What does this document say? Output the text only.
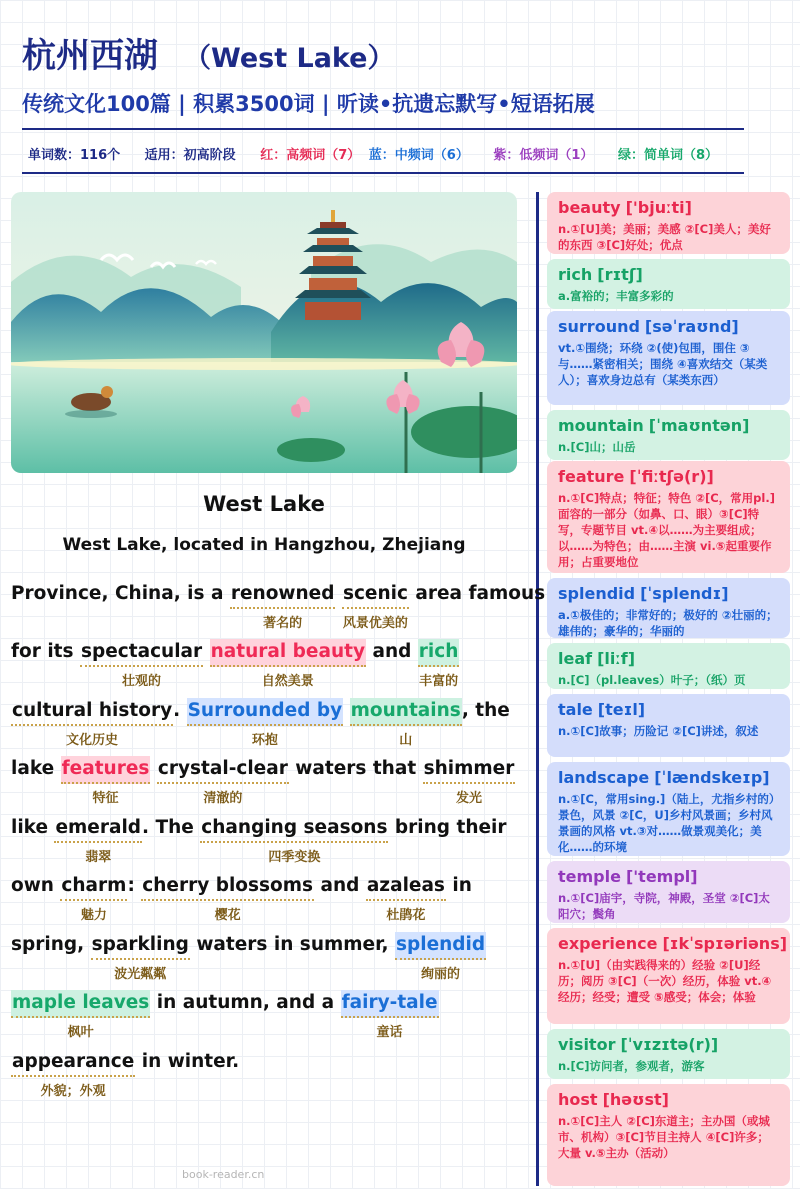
杭州西湖 （West Lake）

传统文化100篇 | 积累3500词 | 听读•抗遗忘默写•短语拓展

单词数：116个 适用：初高阶段 红：高频词（7） 蓝：中频词（6） 紫：低频词（1） 绿：简单词（8）
West Lake

West Lake, located in Hangzhou, Zhejiang

Province, China, is a renowned
著名的
scenic
风景优美的
area famous
for its spectacular
壮观的
natural beauty
自然美景
and rich
丰富的
cultural history
文化历史
. Surrounded by
环抱
mountains
山
, the
lake features
特征
crystal-clear
清澈的
waters that shimmer
发光
like emerald
翡翠
. The changing seasons
四季变换
bring their
own charm
魅力
: cherry blossoms
樱花
and azaleas
杜鹃花
in
spring, sparkling
波光粼粼
waters in summer, splendid
绚丽的
maple leaves
枫叶
in autumn, and a fairy-tale
童话
appearance
外貌；外观
in winter.
beauty ['bjuːti]
n.①[U]美；美丽；美感 ②[C]美人；美好的东西 ③[C]好处；优点
rich [rɪtʃ]
a.富裕的；丰富多彩的
surround [səˈraʊnd]
vt.①围绕；环绕 ②(使)包围，围住 ③与……紧密相关；围绕 ④喜欢结交（某类人）；喜欢身边总有（某类东西）
mountain [ˈmaʊntən]
n.[C]山；山岳
feature [ˈfiːtʃə(r)]
n.①[C]特点；特征；特色 ②[C，常用pl.]面容的一部分（如鼻、口、眼）③[C]特写，专题节目 vt.④以……为主要组成；以……为特色；由……主演 vi.⑤起重要作用；占重要地位
splendid [ˈsplendɪ]
a.①极佳的；非常好的；极好的 ②壮丽的；雄伟的；豪华的；华丽的
leaf [liːf]
n.[C]（pl.leaves）叶子；（纸）页
tale [teɪl]
n.①[C]故事；历险记 ②[C]讲述，叙述
landscape [ˈlændskeɪp]
n.①[C，常用sing.]（陆上，尤指乡村的）景色，风景 ②[C，U]乡村风景画；乡村风景画的风格 vt.③对……做景观美化；美化……的环境
temple ['templ]
n.①[C]庙宇，寺院，神殿，圣堂 ②[C]太阳穴；鬓角
experience [ɪkˈspɪəriəns]
n.①[U]（由实践得来的）经验 ②[U]经历；阅历 ③[C]（一次）经历，体验 vt.④经历；经受；遭受 ⑤感受；体会；体验
visitor [ˈvɪzɪtə(r)]
n.[C]访问者，参观者，游客
host [həʊst]
n.①[C]主人 ②[C]东道主；主办国（或城市、机构）③[C]节目主持人 ④[C]许多；大量 v.⑤主办（活动）
book-reader.cn
